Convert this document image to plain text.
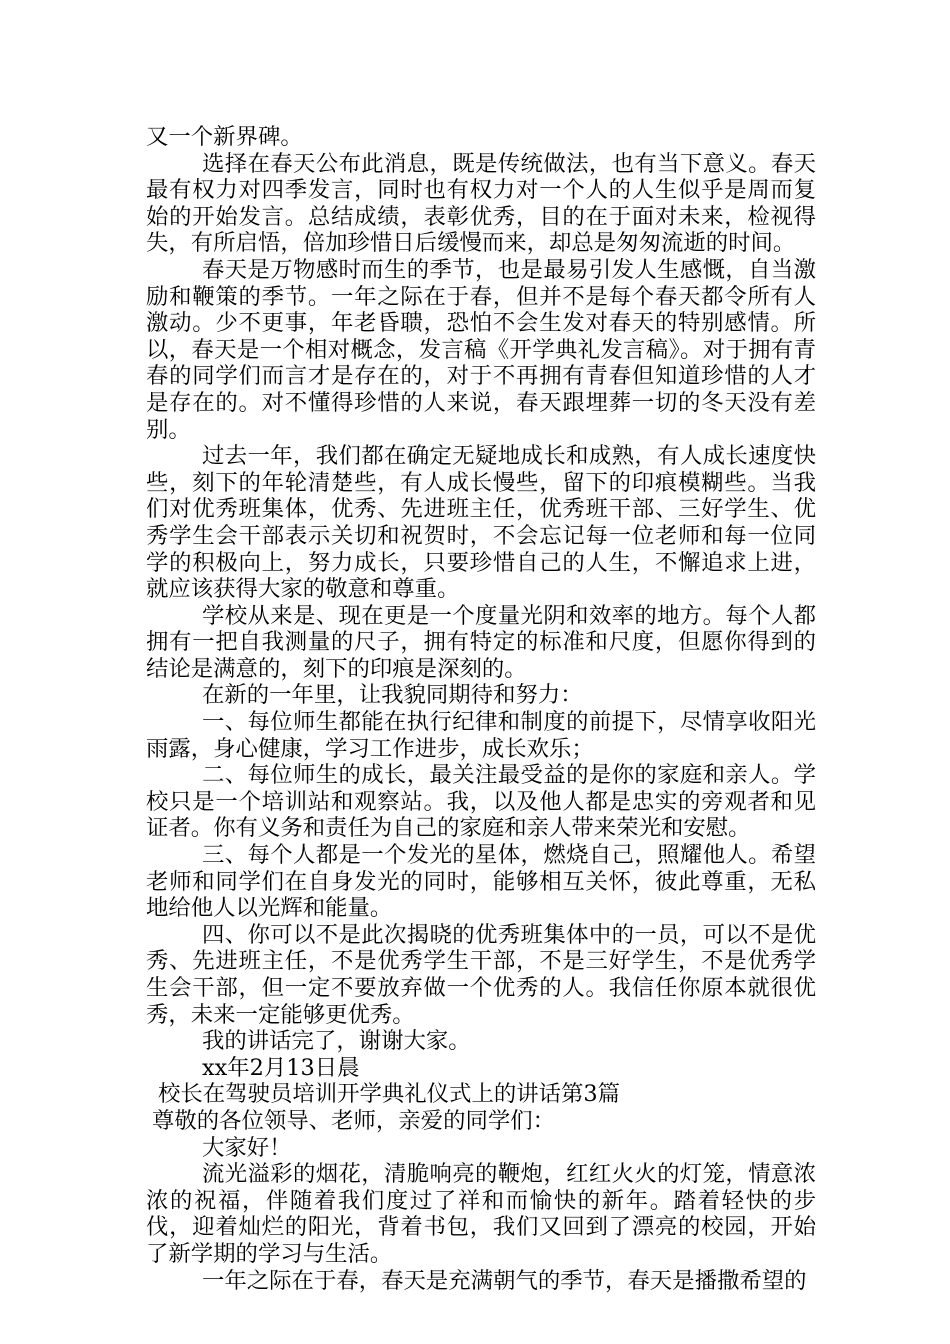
又一个新界碑。

选择在春天公布此消息，既是传统做法，也有当下意义。春天最有权力对四季发言，同时也有权力对一个人的人生似乎是周而复始的开始发言。总结成绩，表彰优秀，目的在于面对未来，检视得失，有所启悟，倍加珍惜日后缓慢而来，却总是匆匆流逝的时间。

春天是万物感时而生的季节，也是最易引发人生感慨，自当激励和鞭策的季节。一年之际在于春，但并不是每个春天都令所有人激动。少不更事，年老昏聩，恐怕不会生发对春天的特别感情。所以，春天是一个相对概念，发言稿《开学典礼发言稿》。对于拥有青春的同学们而言才是存在的，对于不再拥有青春但知道珍惜的人才是存在的。对不懂得珍惜的人来说，春天跟埋葬一切的冬天没有差别。

过去一年，我们都在确定无疑地成长和成熟，有人成长速度快些，刻下的年轮清楚些，有人成长慢些，留下的印痕模糊些。当我们对优秀班集体，优秀、先进班主任，优秀班干部、三好学生、优秀学生会干部表示关切和祝贺时，不会忘记每一位老师和每一位同学的积极向上，努力成长，只要珍惜自己的人生，不懈追求上进，就应该获得大家的敬意和尊重。

学校从来是、现在更是一个度量光阴和效率的地方。每个人都拥有一把自我测量的尺子，拥有特定的标准和尺度，但愿你得到的结论是满意的，刻下的印痕是深刻的。

在新的一年里，让我貌同期待和努力：

一、每位师生都能在执行纪律和制度的前提下，尽情享收阳光雨露，身心健康，学习工作进步，成长欢乐；

二、每位师生的成长，最关注最受益的是你的家庭和亲人。学校只是一个培训站和观察站。我，以及他人都是忠实的旁观者和见证者。你有义务和责任为自己的家庭和亲人带来荣光和安慰。

三、每个人都是一个发光的星体，燃烧自己，照耀他人。希望老师和同学们在自身发光的同时，能够相互关怀，彼此尊重，无私地给他人以光辉和能量。

四、你可以不是此次揭晓的优秀班集体中的一员，可以不是优秀、先进班主任，不是优秀学生干部，不是三好学生，不是优秀学生会干部，但一定不要放弃做一个优秀的人。我信任你原本就很优秀，未来一定能够更优秀。

我的讲话完了，谢谢大家。

xx年2月13日晨

校长在驾驶员培训开学典礼仪式上的讲话第3篇

尊敬的各位领导、老师，亲爱的同学们：

大家好！

流光溢彩的烟花，清脆响亮的鞭炮，红红火火的灯笼，情意浓浓的祝福，伴随着我们度过了祥和而愉快的新年。踏着轻快的步伐，迎着灿烂的阳光，背着书包，我们又回到了漂亮的校园，开始了新学期的学习与生活。

一年之际在于春，春天是充满朝气的季节，春天是播撒希望的
